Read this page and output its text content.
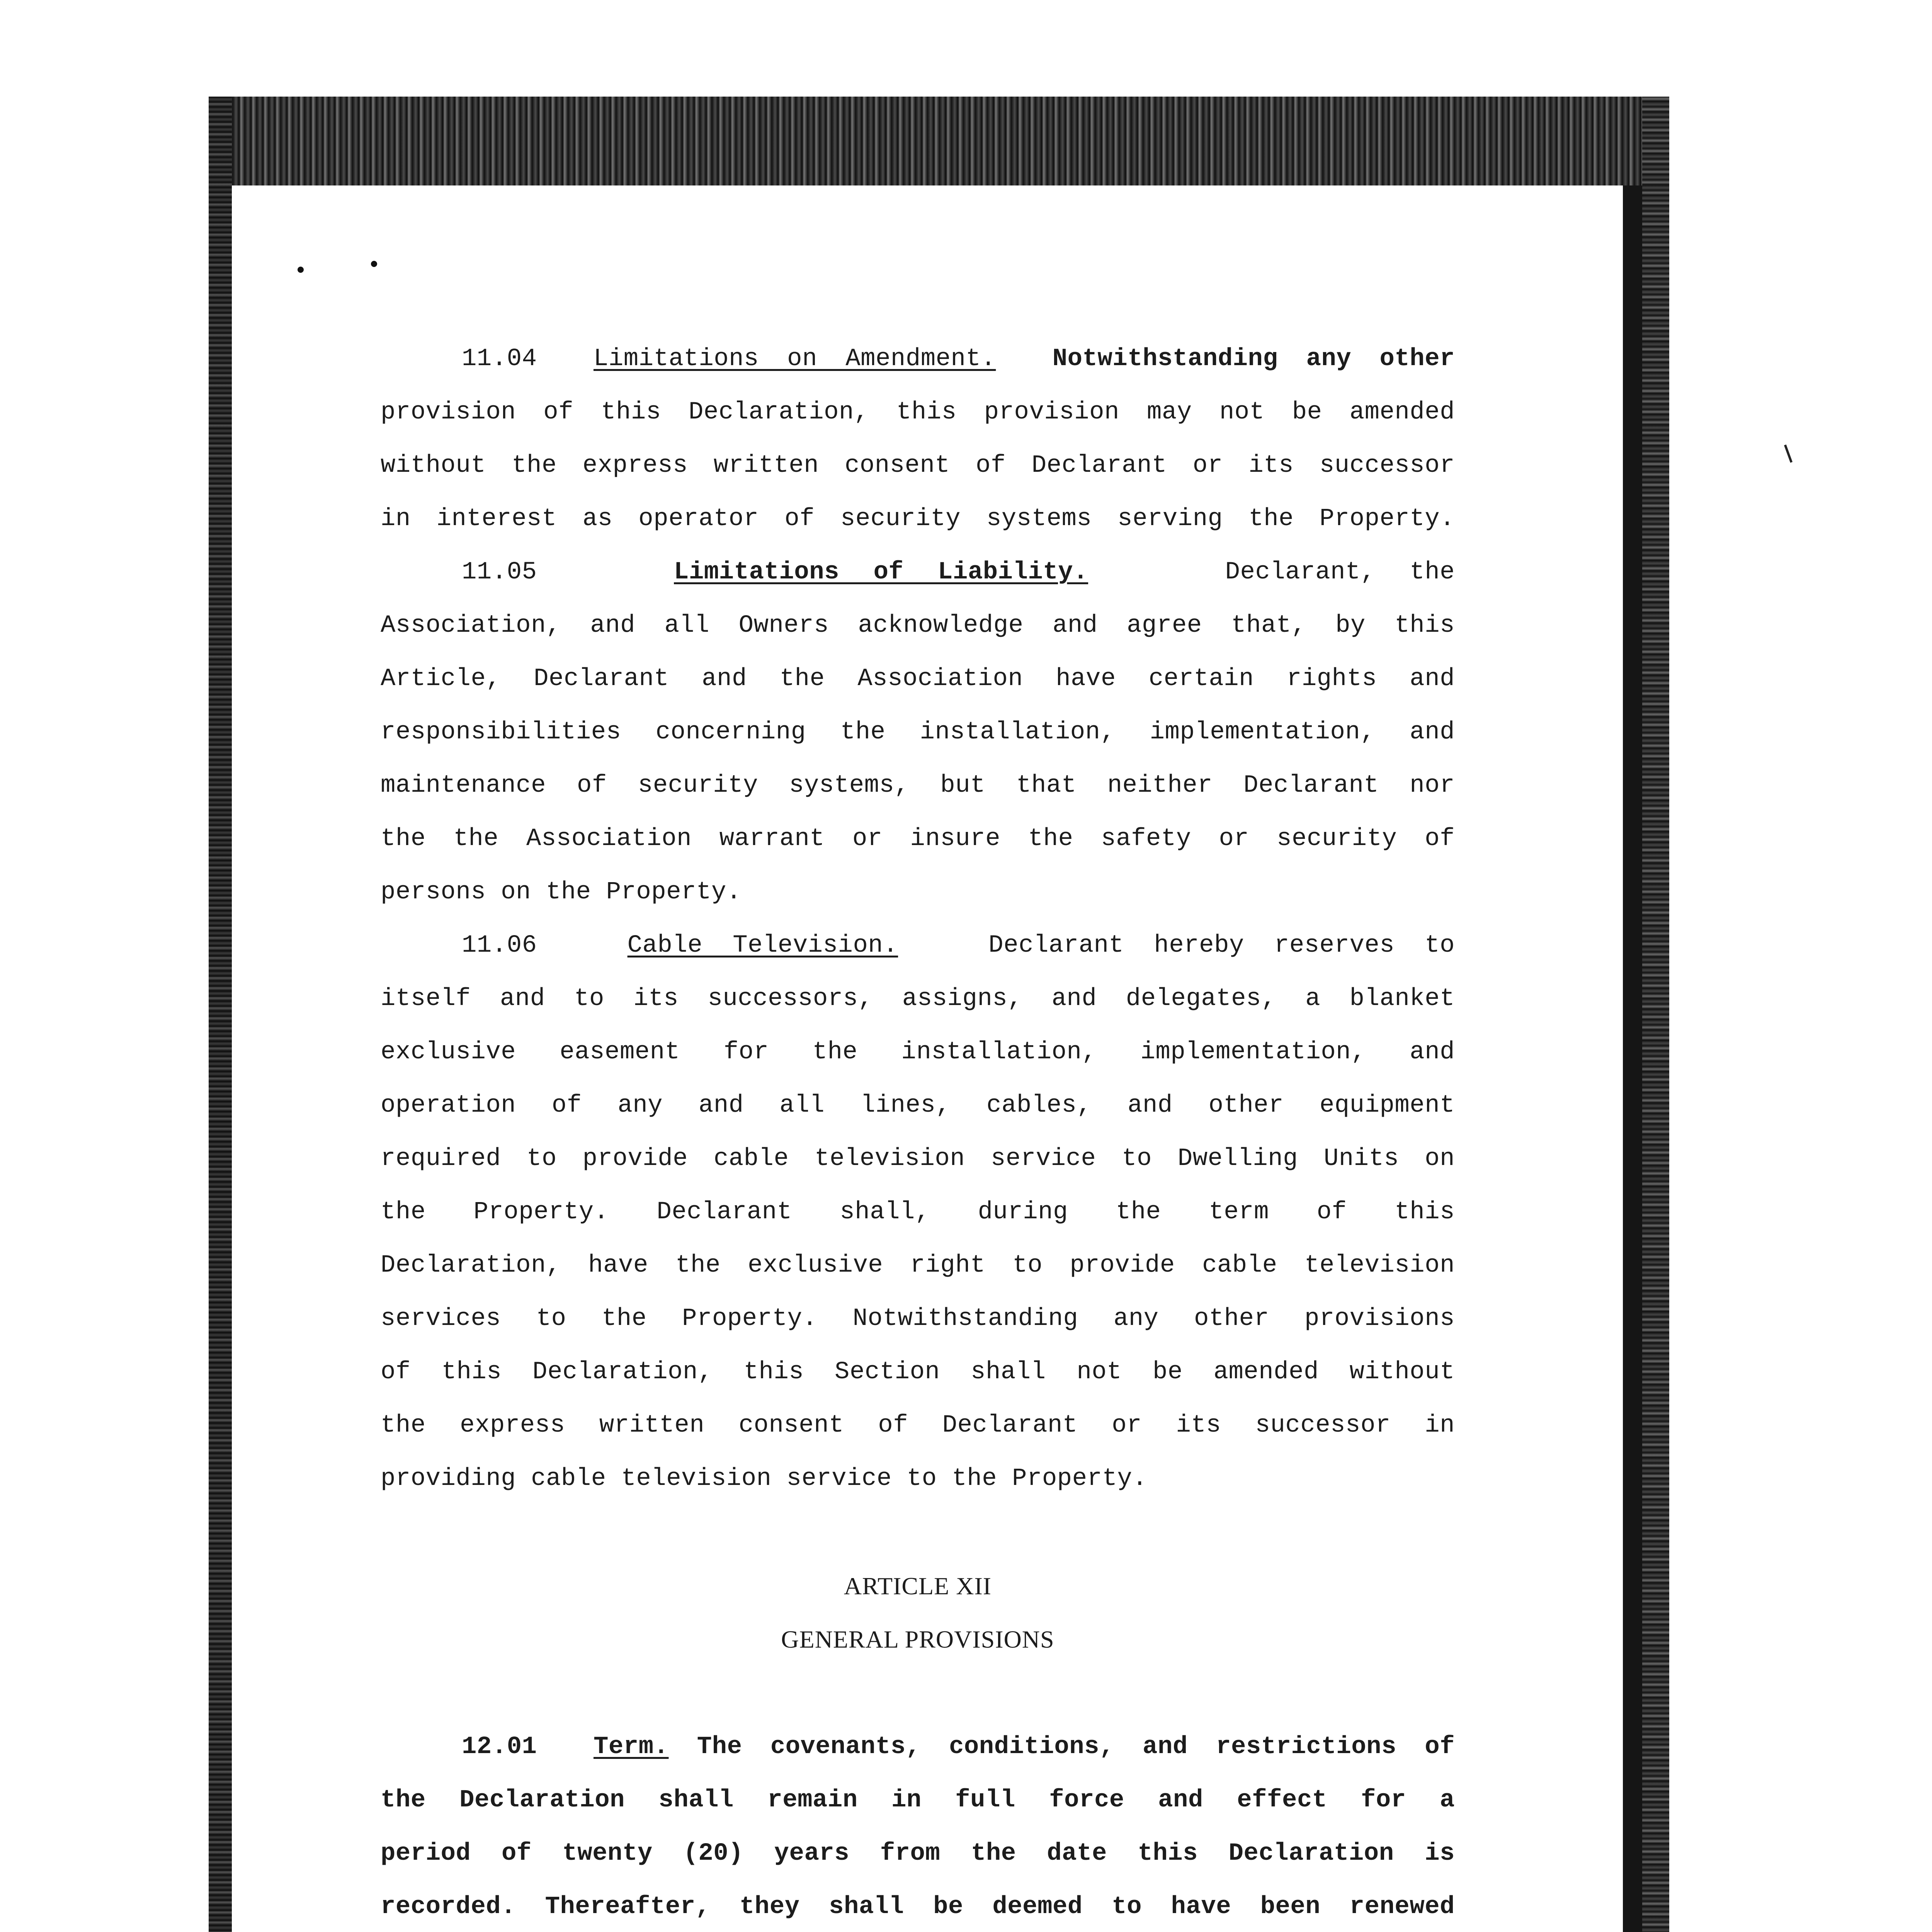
11.04 Limitations on Amendment. Notwithstanding any other
provision of this Declaration, this provision may not be amended
without the express written consent of Declarant or its successor
in interest as operator of security systems serving the Property.
11.05	Limitations of Liability.	Declarant, the
Association, and all Owners acknowledge and agree that, by this
Article, Declarant and the Association have certain rights and
responsibilities concerning the installation, implementation, and
maintenance of security systems, but that neither Declarant nor
the the Association warrant or insure the safety or security of
persons on the Property.
11.06	Cable Television.	Declarant hereby reserves to
itself and to its successors, assigns, and delegates, a blanket
exclusive easement for the installation, implementation, and
operation of any and all lines, cables, and other equipment
required to provide cable television service to Dwelling Units on
the Property. Declarant shall, during the term of this
Declaration, have the exclusive right to provide cable television
services to the Property. Notwithstanding any other provisions
of this Declaration, this Section shall not be amended without
the express written consent of Declarant or its successor in
providing cable television service to the Property.
ARTICLE XII
GENERAL PROVISIONS
12.01 Term. The covenants, conditions, and restrictions of
the Declaration shall remain in full force and effect for a
period of twenty (20) years from the date this Declaration is
recorded. Thereafter, they shall be deemed to have been renewed
